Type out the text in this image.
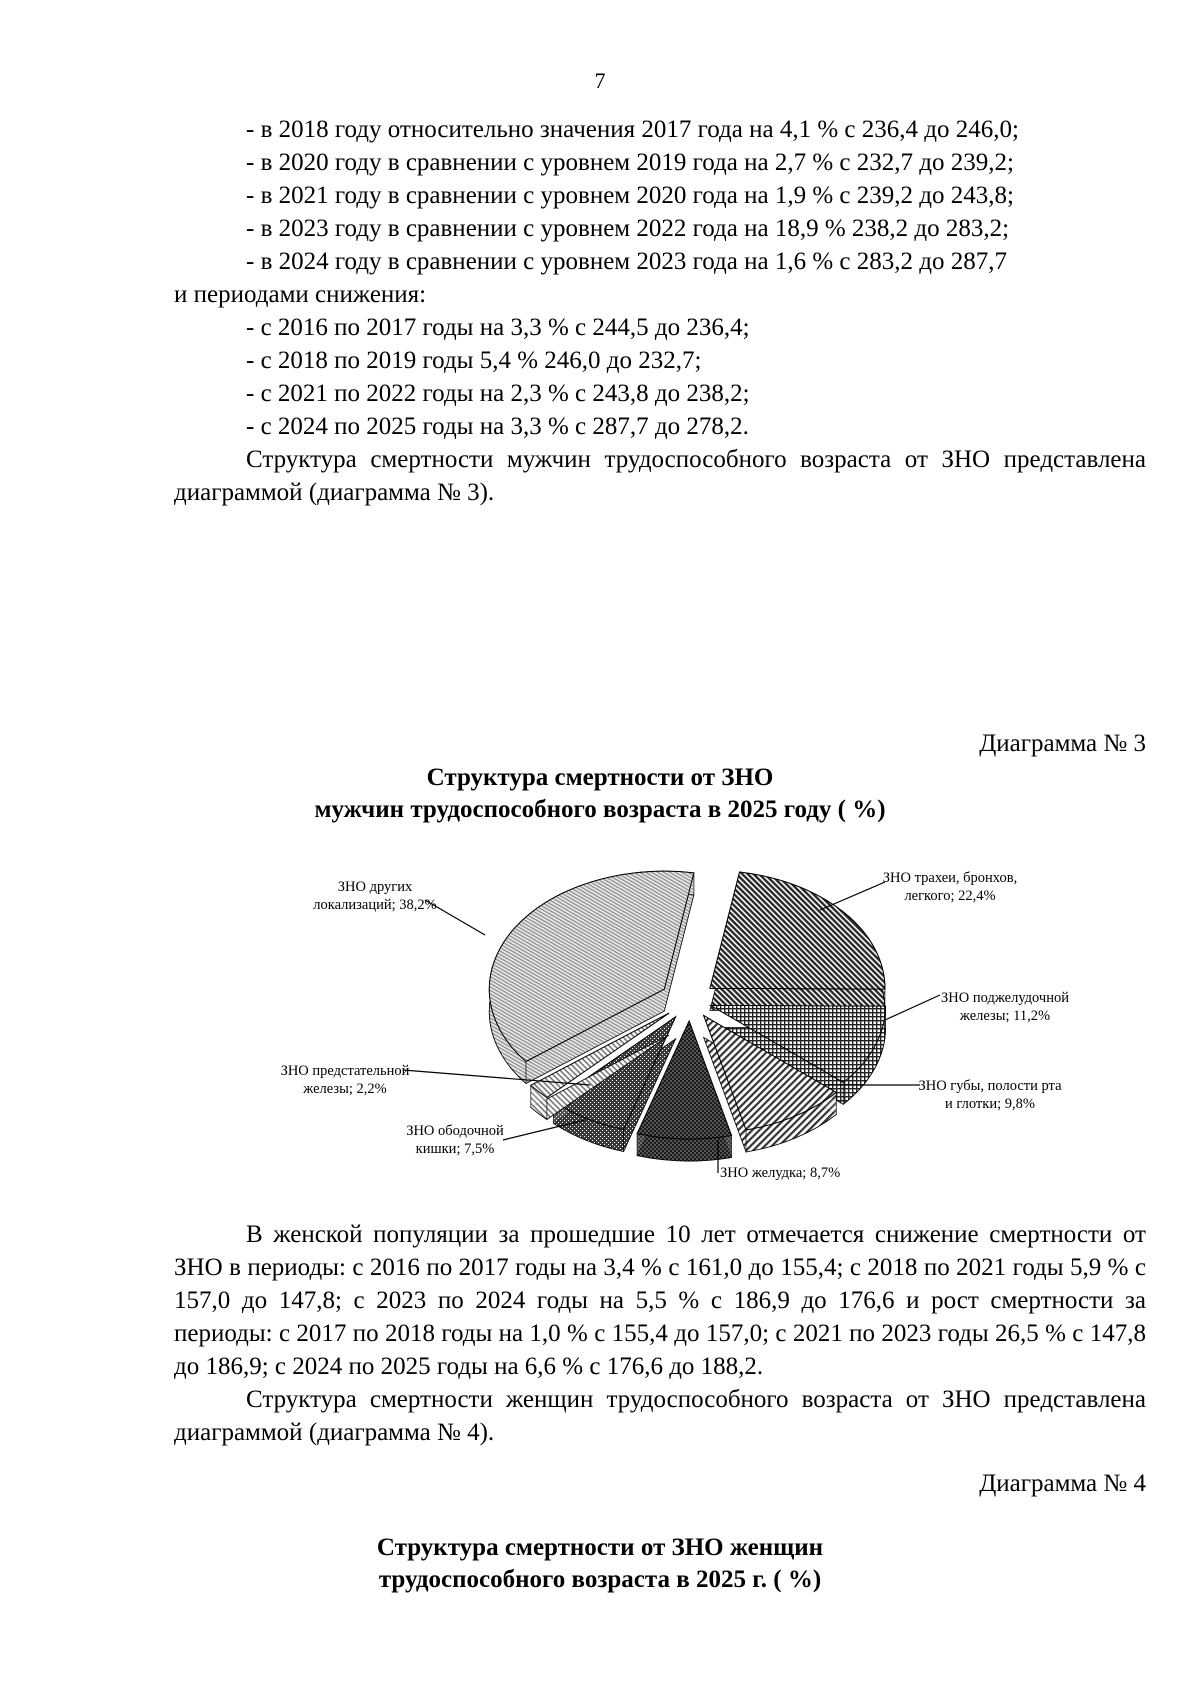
7

- в 2018 году относительно значения 2017 года на 4,1 % с 236,4 до 246,0;

- в 2020 году в сравнении с уровнем 2019 года на 2,7 % с 232,7 до 239,2;

- в 2021 году в сравнении с уровнем 2020 года на 1,9 % с 239,2 до 243,8;

- в 2023 году в сравнении с уровнем 2022 года на 18,9 % 238,2 до 283,2;

- в 2024 году в сравнении с уровнем 2023 года на 1,6 % с 283,2 до 287,7

и периодами снижения:

- с 2016 по 2017 годы на 3,3 % с 244,5 до 236,4;

- с 2018 по 2019 годы 5,4 % 246,0 до 232,7;

- с 2021 по 2022 годы на 2,3 % с 243,8 до 238,2;

- с 2024 по 2025 годы на 3,3 % с 287,7 до 278,2.

Структура смертности мужчин трудоспособного возраста от ЗНО представлена диаграммой (диаграмма № 3).

Диаграмма № 3
Структура смертности от ЗНО
мужчин трудоспособного возраста в 2025 году ( %)
ЗНО трахеи, бронхов, легкого; 22,4%
ЗНО поджелудочной железы; 11,2%
ЗНО губы, полости рта и глотки; 9,8%
ЗНО желудка; 8,7%
ЗНО ободочной кишки; 7,5%
ЗНО предстательной железы; 2,2%
ЗНО других локализаций; 38,2%

В женской популяции за прошедшие 10 лет отмечается снижение смертности от ЗНО в периоды: с 2016 по 2017 годы на 3,4 % с 161,0 до 155,4; с 2018 по 2021 годы 5,9 % с 157,0 до 147,8; с 2023 по 2024 годы на 5,5 % с 186,9 до 176,6 и рост смертности за периоды: с 2017 по 2018 годы на 1,0 % с 155,4 до 157,0; с 2021 по 2023 годы 26,5 % с 147,8 до 186,9; с 2024 по 2025 годы на 6,6 % с 176,6 до 188,2.

Структура смертности женщин трудоспособного возраста от ЗНО представлена диаграммой (диаграмма № 4).

Диаграмма № 4
Структура смертности от ЗНО женщин
трудоспособного возраста в 2025 г. ( %)
